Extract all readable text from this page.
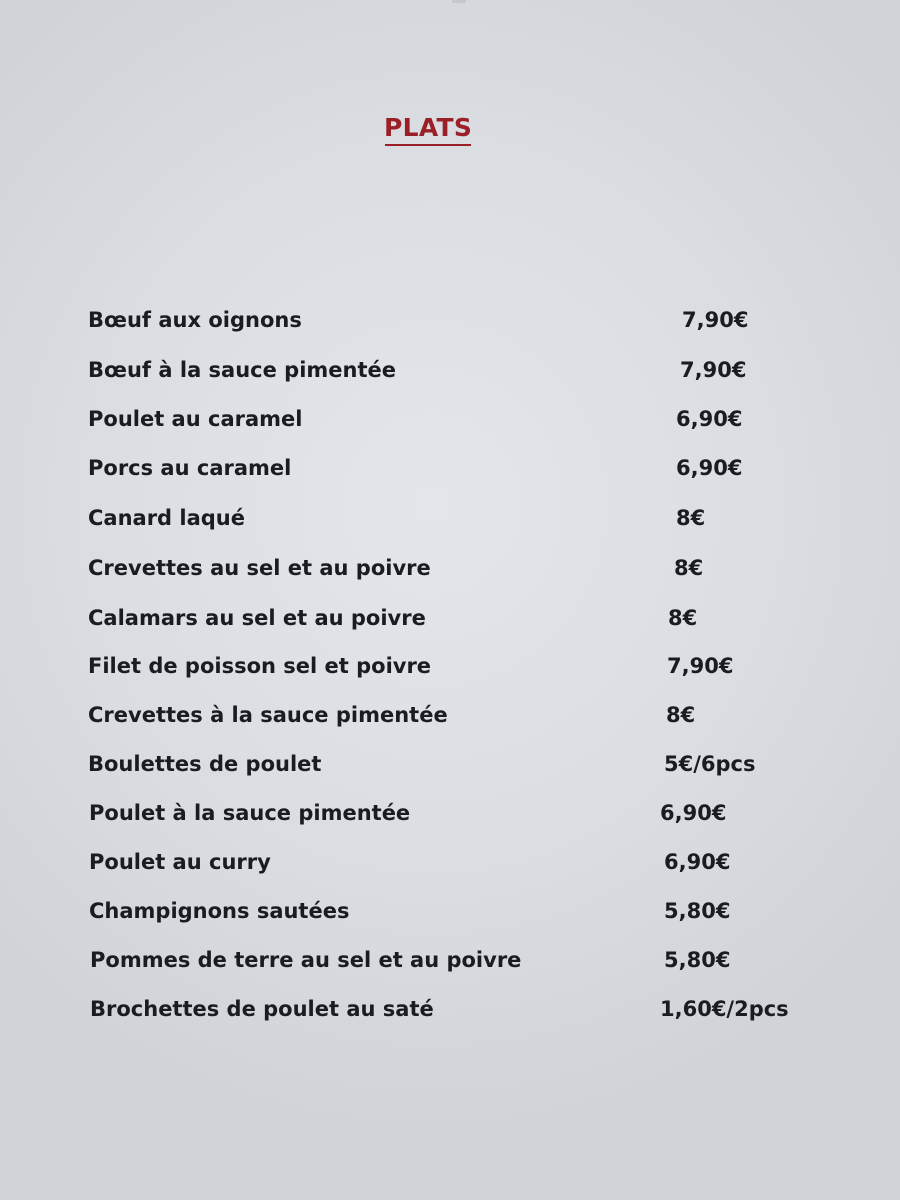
PLATS
Bœuf aux oignons	7,90€
Bœuf à la sauce pimentée	7,90€
Poulet au caramel	6,90€
Porcs au caramel	6,90€
Canard laqué	8€
Crevettes au sel et au poivre	8€
Calamars au sel et au poivre	8€
Filet de poisson sel et poivre	7,90€
Crevettes à la sauce pimentée	8€
Boulettes de poulet	5€/6pcs
Poulet à la sauce pimentée	6,90€
Poulet au curry	6,90€
Champignons sautées	5,80€
Pommes de terre au sel et au poivre	5,80€
Brochettes de poulet au saté	1,60€/2pcs
